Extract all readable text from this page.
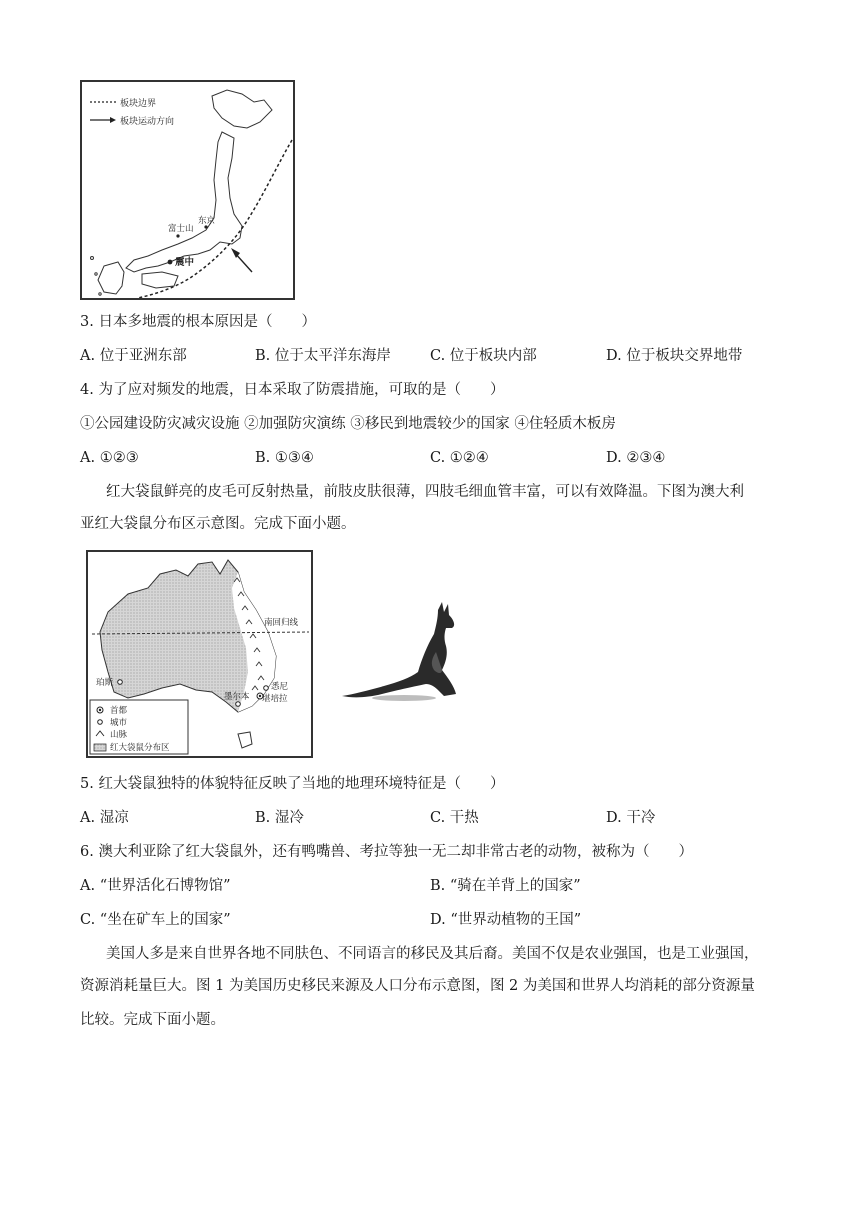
板块边界
板块运动方向
富士山
东京
震中
3. 日本多地震的根本原因是（　　）
A. 位于亚洲东部	B. 位于太平洋东海岸	C. 位于板块内部	D. 位于板块交界地带
4. 为了应对频发的地震，日本采取了防震措施，可取的是（　　）
①公园建设防灾减灾设施 ②加强防灾演练 ③移民到地震较少的国家 ④住轻质木板房
A. ①②③	B. ①③④	C. ①②④	D. ②③④
红大袋鼠鲜亮的皮毛可反射热量，前肢皮肤很薄，四肢毛细血管丰富，可以有效降温。下图为澳大利
亚红大袋鼠分布区示意图。完成下面小题。
南回归线
珀斯
墨尔本
悉尼
堪培拉
首都
城市
山脉
红大袋鼠分布区
5. 红大袋鼠独特的体貌特征反映了当地的地理环境特征是（　　）
A. 湿凉	B. 湿冷	C. 干热	D. 干冷
6. 澳大利亚除了红大袋鼠外，还有鸭嘴兽、考拉等独一无二却非常古老的动物，被称为（　　）
A. “世界活化石博物馆”	B. “骑在羊背上的国家”
C. “坐在矿车上的国家”	D. “世界动植物的王国”
美国人多是来自世界各地不同肤色、不同语言的移民及其后裔。美国不仅是农业强国，也是工业强国，
资源消耗量巨大。图 1 为美国历史移民来源及人口分布示意图，图 2 为美国和世界人均消耗的部分资源量
比较。完成下面小题。
